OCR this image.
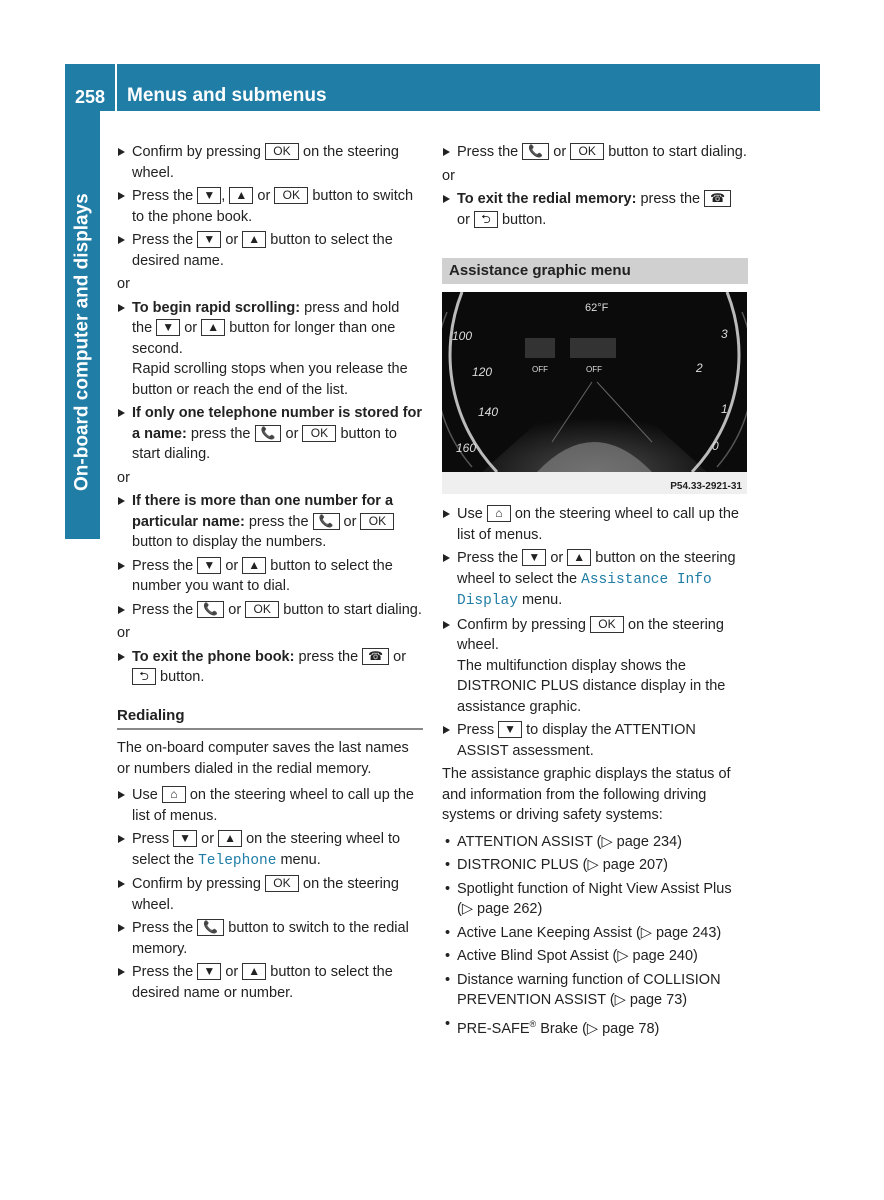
258 Menus and submenus
On-board computer and displays
Confirm by pressing OK on the steering wheel.
Press the ▼ , ▲ or OK button to switch to the phone book.
Press the ▼ or ▲ button to select the desired name.
or
To begin rapid scrolling: press and hold the ▼ or ▲ button for longer than one second.
Rapid scrolling stops when you release the button or reach the end of the list.
If only one telephone number is stored for a name: press the 📞 or OK button to start dialing.
or
If there is more than one number for a particular name: press the 📞 or OK button to display the numbers.
Press the ▼ or ▲ button to select the number you want to dial.
Press the 📞 or OK button to start dialing.
or
To exit the phone book: press the ☎ or ⮌ button.
Redialing
The on-board computer saves the last names or numbers dialed in the redial memory.
Use ⌂ on the steering wheel to call up the list of menus.
Press ▼ or ▲ on the steering wheel to select the Telephone menu.
Confirm by pressing OK on the steering wheel.
Press the 📞 button to switch to the redial memory.
Press the ▼ or ▲ button to select the desired name or number.
Press the 📞 or OK button to start dialing.
or
To exit the redial memory: press the ☎ or ⮌ button.
Assistance graphic menu
62°F
OFF	OFF
100
120
140
160
3
2
1
0
P54.33-2921-31
Use ⌂ on the steering wheel to call up the list of menus.
Press the ▼ or ▲ button on the steering wheel to select the Assistance Info Display menu.
Confirm by pressing OK on the steering wheel.
The multifunction display shows the DISTRONIC PLUS distance display in the assistance graphic.
Press ▼ to display the ATTENTION ASSIST assessment.
The assistance graphic displays the status of and information from the following driving systems or driving safety systems:
• ATTENTION ASSIST (▷ page 234)
• DISTRONIC PLUS (▷ page 207)
• Spotlight function of Night View Assist Plus (▷ page 262)
• Active Lane Keeping Assist (▷ page 243)
• Active Blind Spot Assist (▷ page 240)
• Distance warning function of COLLISION PREVENTION ASSIST (▷ page 73)
• PRE-SAFE® Brake (▷ page 78)
